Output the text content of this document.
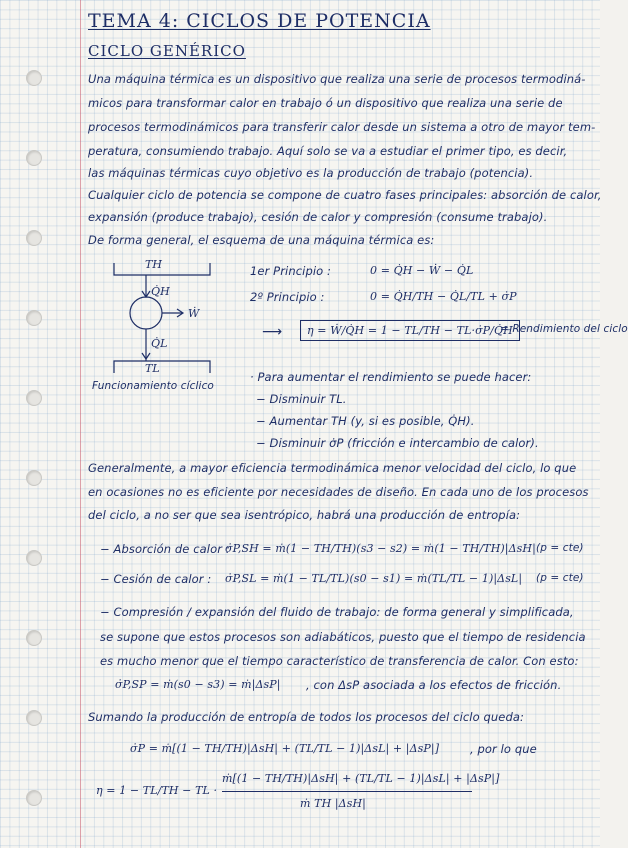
TEMA 4: CICLOS DE POTENCIA
CICLO GENÉRICO
Una máquina térmica es un dispositivo que realiza una serie de procesos termodiná-
micos para transformar calor en trabajo ó un dispositivo que realiza una serie de
procesos termodinámicos para transferir calor desde un sistema a otro de mayor tem-
peratura, consumiendo trabajo. Aquí solo se va a estudiar el primer tipo, es decir,
las máquinas térmicas cuyo objetivo es la producción de trabajo (potencia).
Cualquier ciclo de potencia se compone de cuatro fases principales: absorción de calor,
expansión (produce trabajo), cesión de calor y compresión (consume trabajo).
De forma general, el esquema de una máquina térmica es:
TH
Q̇H
Ẇ
Q̇L
TL
Funcionamiento cíclico
1er Principio :	0 = Q̇H − Ẇ − Q̇L
2º Principio :	0 = Q̇H/TH − Q̇L/TL + σ̇P
⟶	η = Ẇ/Q̇H = 1 − TL/TH − TL·σ̇P/Q̇H
= Rendimiento del ciclo
· Para aumentar el rendimiento se puede hacer:
− Disminuir TL.
− Aumentar TH (y, si es posible, Q̇H).
− Disminuir σ̇P (fricción e intercambio de calor).
Generalmente, a mayor eficiencia termodinámica menor velocidad del ciclo, lo que
en ocasiones no es eficiente por necesidades de diseño. En cada uno de los procesos
del ciclo, a no ser que sea isentrópico, habrá una producción de entropía:
− Absorción de calor :
σ̇P,SH = ṁ(1 − TH/TH)(s3 − s2) = ṁ(1 − TH/TH)|ΔsH| (p = cte)
− Cesión de calor : σ̇P,SL = ṁ(1 − TL/TL)(s0 − s1) = ṁ(TL/TL − 1)|ΔsL| (p = cte)
− Compresión / expansión del fluido de trabajo: de forma general y simplificada,
se supone que estos procesos son adiabáticos, puesto que el tiempo de residencia
es mucho menor que el tiempo característico de transferencia de calor. Con esto:
σ̇P,SP = ṁ(s0 − s3) = ṁ|ΔsP| , con ΔsP asociada a los efectos de fricción.
Sumando la producción de entropía de todos los procesos del ciclo queda:
σ̇P = ṁ[(1 − TH/TH)|ΔsH| + (TL/TL − 1)|ΔsL| + |ΔsP|]	, por lo que
η = 1 − TL/TH − TL ·
ṁ[(1 − TH/TH)|ΔsH| + (TL/TL − 1)|ΔsL| + |ΔsP|]
ṁ TH |ΔsH|
